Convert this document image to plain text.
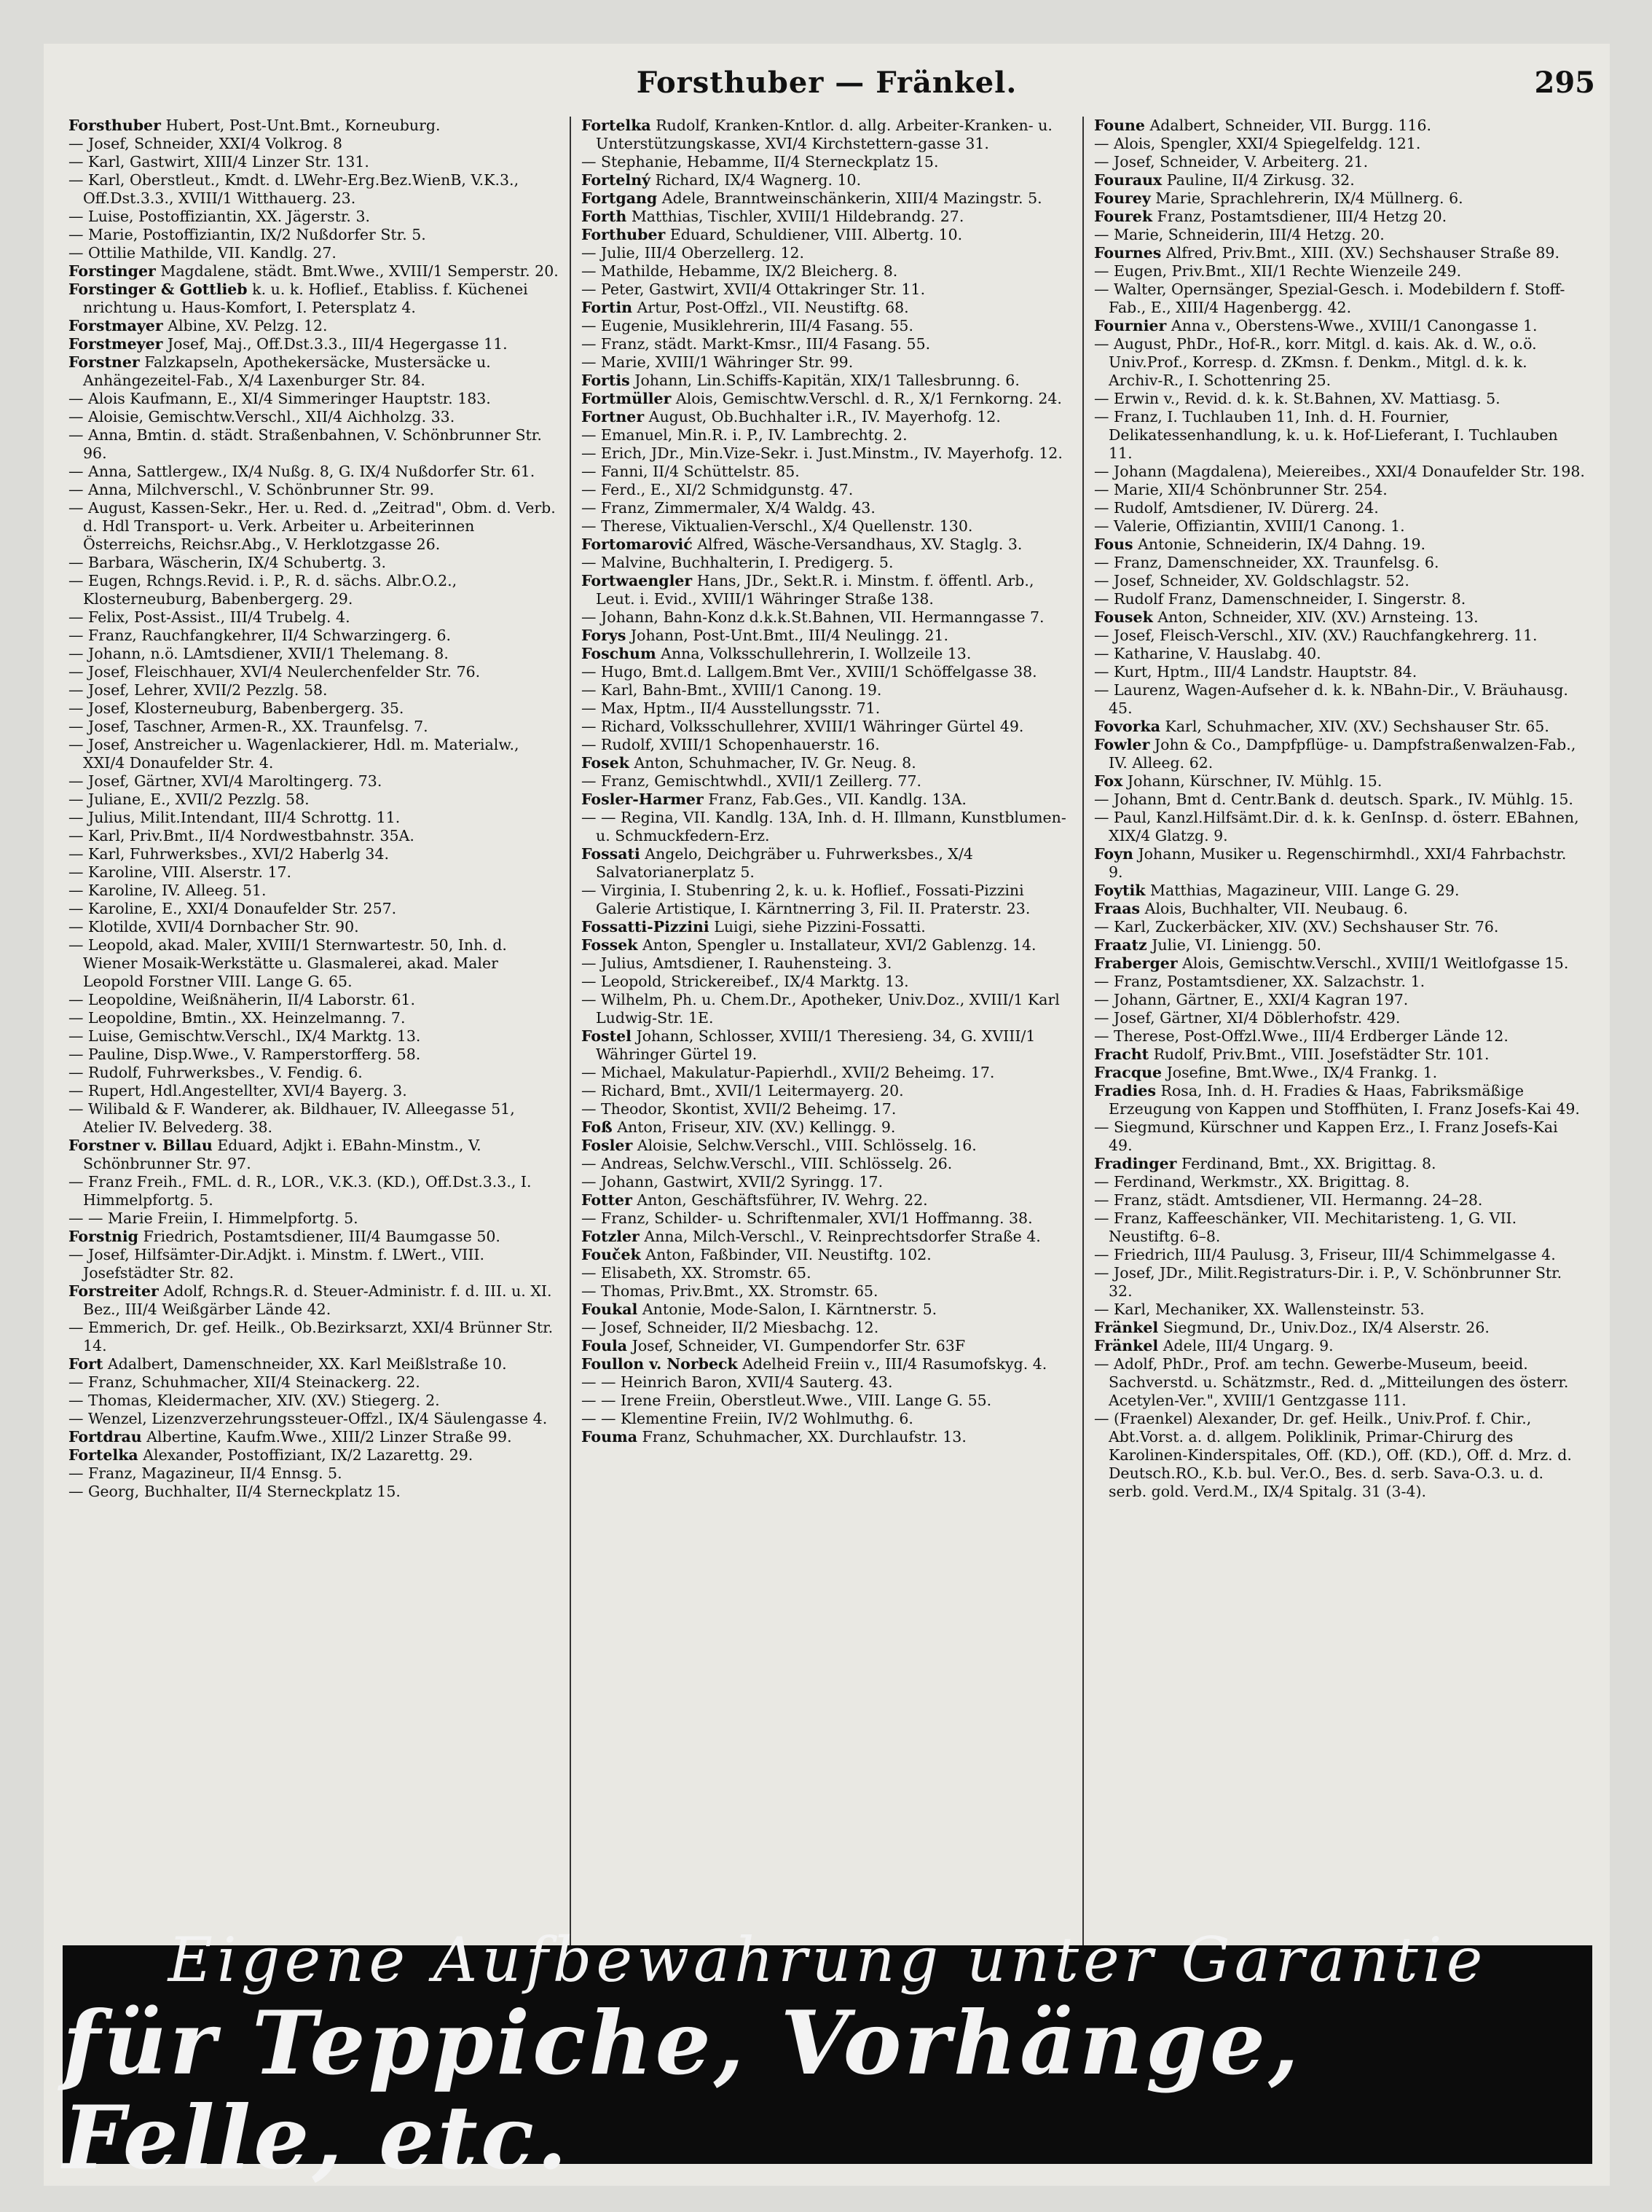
Forsthuber — Fränkel.	295

Forsthuber Hubert, Post-Unt.Bmt., Korneuburg.

— Josef, Schneider, XXI/4 Volkrog. 8

— Karl, Gastwirt, XIII/4 Linzer Str. 131.

— Karl, Oberstleut., Kmdt. d. LWehr-Erg.Bez.WienB, V.K.3., Off.Dst.3.3., XVIII/1 Witthauerg. 23.

— Luise, Postoffiziantin, XX. Jägerstr. 3.

— Marie, Postoffiziantin, IX/2 Nußdorfer Str. 5.

— Ottilie Mathilde, VII. Kandlg. 27.

Forstinger Magdalene, städt. Bmt.Wwe., XVIII/1 Semperstr. 20.

Forstinger & Gottlieb k. u. k. Hoflief., Etabliss. f. Küchenei nrichtung u. Haus-Komfort, I. Petersplatz 4.

Forstmayer Albine, XV. Pelzg. 12.

Forstmeyer Josef, Maj., Off.Dst.3.3., III/4 Hegergasse 11.

Forstner Falzkapseln, Apothekersäcke, Mustersäcke u. Anhängezeitel-Fab., X/4 Laxenburger Str. 84.

— Alois Kaufmann, E., XI/4 Simmeringer Hauptstr. 183.

— Aloisie, Gemischtw.Verschl., XII/4 Aichholzg. 33.

— Anna, Bmtin. d. städt. Straßenbahnen, V. Schönbrunner Str. 96.

— Anna, Sattlergew., IX/4 Nußg. 8, G. IX/4 Nußdorfer Str. 61.

— Anna, Milchverschl., V. Schönbrunner Str. 99.

— August, Kassen-Sekr., Her. u. Red. d. „Zeitrad", Obm. d. Verb. d. Hdl Transport- u. Verk. Arbeiter u. Arbeiterinnen Österreichs, Reichsr.Abg., V. Herklotzgasse 26.

— Barbara, Wäscherin, IX/4 Schubertg. 3.

— Eugen, Rchngs.Revid. i. P., R. d. sächs. Albr.O.2., Klosterneuburg, Babenbergerg. 29.

— Felix, Post-Assist., III/4 Trubelg. 4.

— Franz, Rauchfangkehrer, II/4 Schwarzingerg. 6.

— Johann, n.ö. LAmtsdiener, XVII/1 Thelemang. 8.

— Josef, Fleischhauer, XVI/4 Neulerchenfelder Str. 76.

— Josef, Lehrer, XVII/2 Pezzlg. 58.

— Josef, Klosterneuburg, Babenbergerg. 35.

— Josef, Taschner, Armen-R., XX. Traunfelsg. 7.

— Josef, Anstreicher u. Wagenlackierer, Hdl. m. Materialw., XXI/4 Donaufelder Str. 4.

— Josef, Gärtner, XVI/4 Maroltingerg. 73.

— Juliane, E., XVII/2 Pezzlg. 58.

— Julius, Milit.Intendant, III/4 Schrottg. 11.

— Karl, Priv.Bmt., II/4 Nordwestbahnstr. 35A.

— Karl, Fuhrwerksbes., XVI/2 Haberlg 34.

— Karoline, VIII. Alserstr. 17.

— Karoline, IV. Alleeg. 51.

— Karoline, E., XXI/4 Donaufelder Str. 257.

— Klotilde, XVII/4 Dornbacher Str. 90.

— Leopold, akad. Maler, XVIII/1 Sternwartestr. 50, Inh. d. Wiener Mosaik-Werkstätte u. Glasmalerei, akad. Maler Leopold Forstner VIII. Lange G. 65.

— Leopoldine, Weißnäherin, II/4 Laborstr. 61.

— Leopoldine, Bmtin., XX. Heinzelmanng. 7.

— Luise, Gemischtw.Verschl., IX/4 Marktg. 13.

— Pauline, Disp.Wwe., V. Ramperstorfferg. 58.

— Rudolf, Fuhrwerksbes., V. Fendig. 6.

— Rupert, Hdl.Angestellter, XVI/4 Bayerg. 3.

— Wilibald & F. Wanderer, ak. Bildhauer, IV. Alleegasse 51, Atelier IV. Belvederg. 38.

Forstner v. Billau Eduard, Adjkt i. EBahn-Minstm., V. Schönbrunner Str. 97.

— Franz Freih., FML. d. R., LOR., V.K.3. (KD.), Off.Dst.3.3., I. Himmelpfortg. 5.

— — Marie Freiin, I. Himmelpfortg. 5.

Forstnig Friedrich, Postamtsdiener, III/4 Baumgasse 50.

— Josef, Hilfsämter-Dir.Adjkt. i. Minstm. f. LWert., VIII. Josefstädter Str. 82.

Forstreiter Adolf, Rchngs.R. d. Steuer-Administr. f. d. III. u. XI. Bez., III/4 Weißgärber Lände 42.

— Emmerich, Dr. gef. Heilk., Ob.Bezirksarzt, XXI/4 Brünner Str. 14.

Fort Adalbert, Damenschneider, XX. Karl Meißlstraße 10.

— Franz, Schuhmacher, XII/4 Steinackerg. 22.

— Thomas, Kleidermacher, XIV. (XV.) Stiegerg. 2.

— Wenzel, Lizenzverzehrungssteuer-Offzl., IX/4 Säulengasse 4.

Fortdrau Albertine, Kaufm.Wwe., XIII/2 Linzer Straße 99.

Fortelka Alexander, Postoffiziant, IX/2 Lazarettg. 29.

— Franz, Magazineur, II/4 Ennsg. 5.

— Georg, Buchhalter, II/4 Sterneckplatz 15.

Fortelka Rudolf, Kranken-Kntlor. d. allg. Arbeiter-Kranken- u. Unterstützungskasse, XVI/4 Kirchstettern-gasse 31.

— Stephanie, Hebamme, II/4 Sterneckplatz 15.

Fortelný Richard, IX/4 Wagnerg. 10.

Fortgang Adele, Branntweinschänkerin, XIII/4 Mazingstr. 5.

Forth Matthias, Tischler, XVIII/1 Hildebrandg. 27.

Forthuber Eduard, Schuldiener, VIII. Albertg. 10.

— Julie, III/4 Oberzellerg. 12.

— Mathilde, Hebamme, IX/2 Bleicherg. 8.

— Peter, Gastwirt, XVII/4 Ottakringer Str. 11.

Fortin Artur, Post-Offzl., VII. Neustiftg. 68.

— Eugenie, Musiklehrerin, III/4 Fasang. 55.

— Franz, städt. Markt-Kmsr., III/4 Fasang. 55.

— Marie, XVIII/1 Währinger Str. 99.

Fortis Johann, Lin.Schiffs-Kapitän, XIX/1 Tallesbrunng. 6.

Fortmüller Alois, Gemischtw.Verschl. d. R., X/1 Fernkorng. 24.

Fortner August, Ob.Buchhalter i.R., IV. Mayerhofg. 12.

— Emanuel, Min.R. i. P., IV. Lambrechtg. 2.

— Erich, JDr., Min.Vize-Sekr. i. Just.Minstm., IV. Mayerhofg. 12.

— Fanni, II/4 Schüttelstr. 85.

— Ferd., E., XI/2 Schmidgunstg. 47.

— Franz, Zimmermaler, X/4 Waldg. 43.

— Therese, Viktualien-Verschl., X/4 Quellenstr. 130.

Fortomarović Alfred, Wäsche-Versandhaus, XV. Staglg. 3.

— Malvine, Buchhalterin, I. Predigerg. 5.

Fortwaengler Hans, JDr., Sekt.R. i. Minstm. f. öffentl. Arb., Leut. i. Evid., XVIII/1 Währinger Straße 138.

— Johann, Bahn-Konz d.k.k.St.Bahnen, VII. Hermanngasse 7.

Forys Johann, Post-Unt.Bmt., III/4 Neulingg. 21.

Foschum Anna, Volksschullehrerin, I. Wollzeile 13.

— Hugo, Bmt.d. Lallgem.Bmt Ver., XVIII/1 Schöffelgasse 38.

— Karl, Bahn-Bmt., XVIII/1 Canong. 19.

— Max, Hptm., II/4 Ausstellungsstr. 71.

— Richard, Volksschullehrer, XVIII/1 Währinger Gürtel 49.

— Rudolf, XVIII/1 Schopenhauerstr. 16.

Fosek Anton, Schuhmacher, IV. Gr. Neug. 8.

— Franz, Gemischtwhdl., XVII/1 Zeillerg. 77.

Fosler-Harmer Franz, Fab.Ges., VII. Kandlg. 13A.

— — Regina, VII. Kandlg. 13A, Inh. d. H. Illmann, Kunstblumen- u. Schmuckfedern-Erz.

Fossati Angelo, Deichgräber u. Fuhrwerksbes., X/4 Salvatorianerplatz 5.

— Virginia, I. Stubenring 2, k. u. k. Hoflief., Fossati-Pizzini Galerie Artistique, I. Kärntnerring 3, Fil. II. Praterstr. 23.

Fossatti-Pizzini Luigi, siehe Pizzini-Fossatti.

Fossek Anton, Spengler u. Installateur, XVI/2 Gablenzg. 14.

— Julius, Amtsdiener, I. Rauhensteing. 3.

— Leopold, Strickereibef., IX/4 Marktg. 13.

— Wilhelm, Ph. u. Chem.Dr., Apotheker, Univ.Doz., XVIII/1 Karl Ludwig-Str. 1E.

Fostel Johann, Schlosser, XVIII/1 Theresieng. 34, G. XVIII/1 Währinger Gürtel 19.

— Michael, Makulatur-Papierhdl., XVII/2 Beheimg. 17.

— Richard, Bmt., XVII/1 Leitermayerg. 20.

— Theodor, Skontist, XVII/2 Beheimg. 17.

Foß Anton, Friseur, XIV. (XV.) Kellingg. 9.

Fosler Aloisie, Selchw.Verschl., VIII. Schlösselg. 16.

— Andreas, Selchw.Verschl., VIII. Schlösselg. 26.

— Johann, Gastwirt, XVII/2 Syringg. 17.

Fotter Anton, Geschäftsführer, IV. Wehrg. 22.

— Franz, Schilder- u. Schriftenmaler, XVI/1 Hoffmanng. 38.

Fotzler Anna, Milch-Verschl., V. Reinprechtsdorfer Straße 4.

Fouček Anton, Faßbinder, VII. Neustiftg. 102.

— Elisabeth, XX. Stromstr. 65.

— Thomas, Priv.Bmt., XX. Stromstr. 65.

Foukal Antonie, Mode-Salon, I. Kärntnerstr. 5.

— Josef, Schneider, II/2 Miesbachg. 12.

Foula Josef, Schneider, VI. Gumpendorfer Str. 63F

Foullon v. Norbeck Adelheid Freiin v., III/4 Rasumofskyg. 4.

— — Heinrich Baron, XVII/4 Sauterg. 43.

— — Irene Freiin, Oberstleut.Wwe., VIII. Lange G. 55.

— — Klementine Freiin, IV/2 Wohlmuthg. 6.

Fouma Franz, Schuhmacher, XX. Durchlaufstr. 13.

Foune Adalbert, Schneider, VII. Burgg. 116.

— Alois, Spengler, XXI/4 Spiegelfeldg. 121.

— Josef, Schneider, V. Arbeiterg. 21.

Fouraux Pauline, II/4 Zirkusg. 32.

Fourey Marie, Sprachlehrerin, IX/4 Müllnerg. 6.

Fourek Franz, Postamtsdiener, III/4 Hetzg 20.

— Marie, Schneiderin, III/4 Hetzg. 20.

Fournes Alfred, Priv.Bmt., XIII. (XV.) Sechshauser Straße 89.

— Eugen, Priv.Bmt., XII/1 Rechte Wienzeile 249.

— Walter, Opernsänger, Spezial-Gesch. i. Modebildern f. Stoff-Fab., E., XIII/4 Hagenbergg. 42.

Fournier Anna v., Oberstens-Wwe., XVIII/1 Canongasse 1.

— August, PhDr., Hof-R., korr. Mitgl. d. kais. Ak. d. W., o.ö. Univ.Prof., Korresp. d. ZKmsn. f. Denkm., Mitgl. d. k. k. Archiv-R., I. Schottenring 25.

— Erwin v., Revid. d. k. k. St.Bahnen, XV. Mattiasg. 5.

— Franz, I. Tuchlauben 11, Inh. d. H. Fournier, Delikatessenhandlung, k. u. k. Hof-Lieferant, I. Tuchlauben 11.

— Johann (Magdalena), Meiereibes., XXI/4 Donaufelder Str. 198.

— Marie, XII/4 Schönbrunner Str. 254.

— Rudolf, Amtsdiener, IV. Dürerg. 24.

— Valerie, Offiziantin, XVIII/1 Canong. 1.

Fous Antonie, Schneiderin, IX/4 Dahng. 19.

— Franz, Damenschneider, XX. Traunfelsg. 6.

— Josef, Schneider, XV. Goldschlagstr. 52.

— Rudolf Franz, Damenschneider, I. Singerstr. 8.

Fousek Anton, Schneider, XIV. (XV.) Arnsteing. 13.

— Josef, Fleisch-Verschl., XIV. (XV.) Rauchfangkehrerg. 11.

— Katharine, V. Hauslabg. 40.

— Kurt, Hptm., III/4 Landstr. Hauptstr. 84.

— Laurenz, Wagen-Aufseher d. k. k. NBahn-Dir., V. Bräuhausg. 45.

Fovorka Karl, Schuhmacher, XIV. (XV.) Sechshauser Str. 65.

Fowler John & Co., Dampfpflüge- u. Dampfstraßenwalzen-Fab., IV. Alleeg. 62.

Fox Johann, Kürschner, IV. Mühlg. 15.

— Johann, Bmt d. Centr.Bank d. deutsch. Spark., IV. Mühlg. 15.

— Paul, Kanzl.Hilfsämt.Dir. d. k. k. GenInsp. d. österr. EBahnen, XIX/4 Glatzg. 9.

Foyn Johann, Musiker u. Regenschirmhdl., XXI/4 Fahrbachstr. 9.

Foytik Matthias, Magazineur, VIII. Lange G. 29.

Fraas Alois, Buchhalter, VII. Neubaug. 6.

— Karl, Zuckerbäcker, XIV. (XV.) Sechshauser Str. 76.

Fraatz Julie, VI. Liniengg. 50.

Fraberger Alois, Gemischtw.Verschl., XVIII/1 Weitlofgasse 15.

— Franz, Postamtsdiener, XX. Salzachstr. 1.

— Johann, Gärtner, E., XXI/4 Kagran 197.

— Josef, Gärtner, XI/4 Döblerhofstr. 429.

— Therese, Post-Offzl.Wwe., III/4 Erdberger Lände 12.

Fracht Rudolf, Priv.Bmt., VIII. Josefstädter Str. 101.

Fracque Josefine, Bmt.Wwe., IX/4 Frankg. 1.

Fradies Rosa, Inh. d. H. Fradies & Haas, Fabriksmäßige Erzeugung von Kappen und Stoffhüten, I. Franz Josefs-Kai 49.

— Siegmund, Kürschner und Kappen Erz., I. Franz Josefs-Kai 49.

Fradinger Ferdinand, Bmt., XX. Brigittag. 8.

— Ferdinand, Werkmstr., XX. Brigittag. 8.

— Franz, städt. Amtsdiener, VII. Hermanng. 24–28.

— Franz, Kaffeeschänker, VII. Mechitaristeng. 1, G. VII. Neustiftg. 6–8.

— Friedrich, III/4 Paulusg. 3, Friseur, III/4 Schimmelgasse 4.

— Josef, JDr., Milit.Registraturs-Dir. i. P., V. Schönbrunner Str. 32.

— Karl, Mechaniker, XX. Wallensteinstr. 53.

Fränkel Siegmund, Dr., Univ.Doz., IX/4 Alserstr. 26.

Fränkel Adele, III/4 Ungarg. 9.

— Adolf, PhDr., Prof. am techn. Gewerbe-Museum, beeid. Sachverstd. u. Schätzmstr., Red. d. „Mitteilungen des österr. Acetylen-Ver.", XVIII/1 Gentzgasse 111.

— (Fraenkel) Alexander, Dr. gef. Heilk., Univ.Prof. f. Chir., Abt.Vorst. a. d. allgem. Poliklinik, Primar-Chirurg des Karolinen-Kinderspitales, Off. (KD.), Off. (KD.), Off. d. Mrz. d. Deutsch.RO., K.b. bul. Ver.O., Bes. d. serb. Sava-O.3. u. d. serb. gold. Verd.M., IX/4 Spitalg. 31 (3-4).

Eigene Aufbewahrung unter Garantie
für Teppiche, Vorhänge, Felle, etc.
